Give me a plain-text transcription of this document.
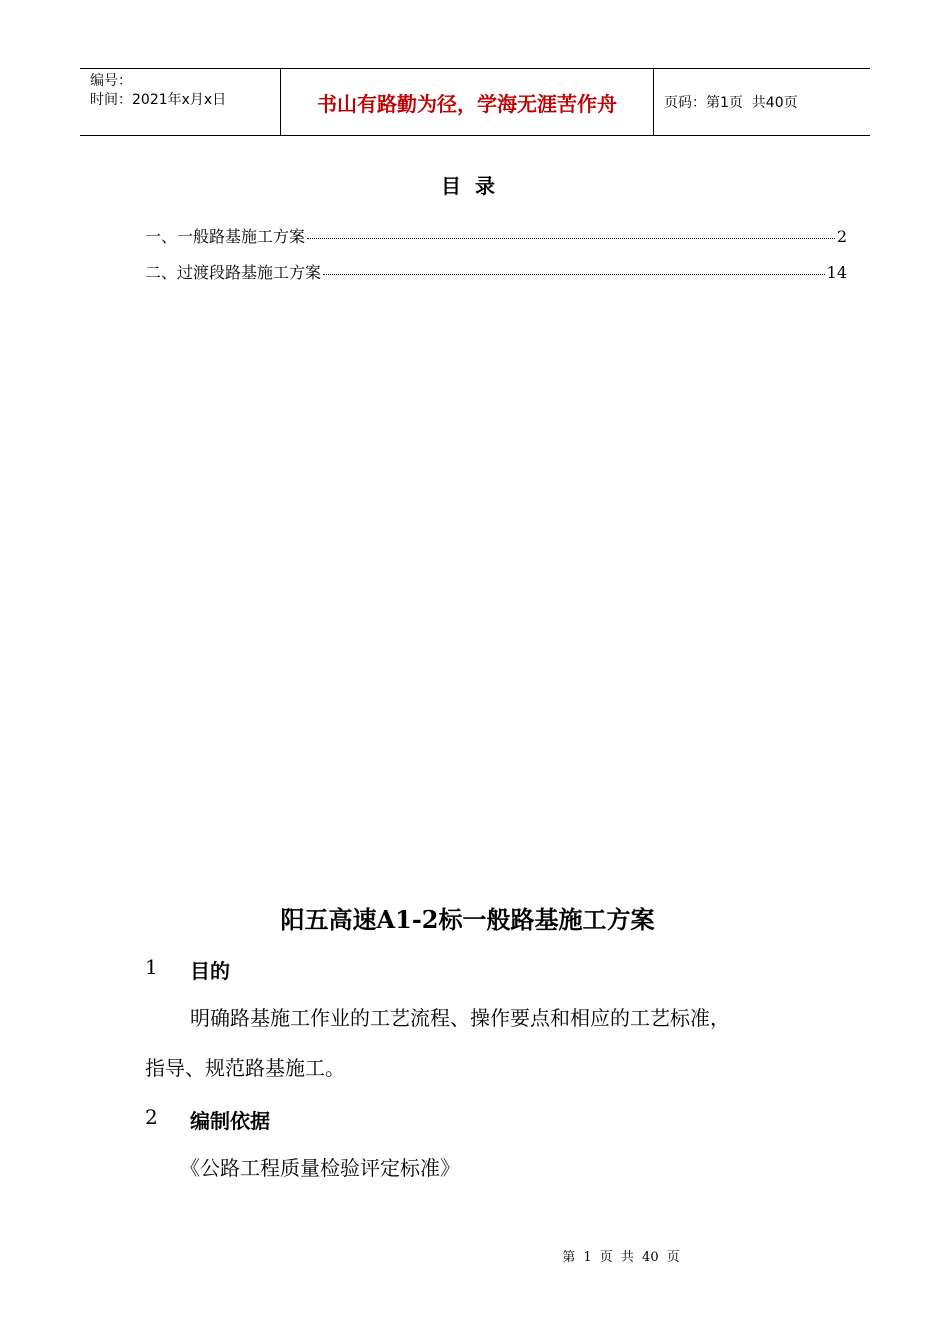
编号：
时间：2021年x月x日	书山有路勤为径，学海无涯苦作舟	页码：第1页  共40页
目录
一、一般路基施工方案	2
二、过渡段路基施工方案	14
阳五高速A1-2标一般路基施工方案
1	目的
明确路基施工作业的工艺流程、操作要点和相应的工艺标准，
指导、规范路基施工。
2	编制依据
《公路工程质量检验评定标准》
第 1 页 共 40 页
